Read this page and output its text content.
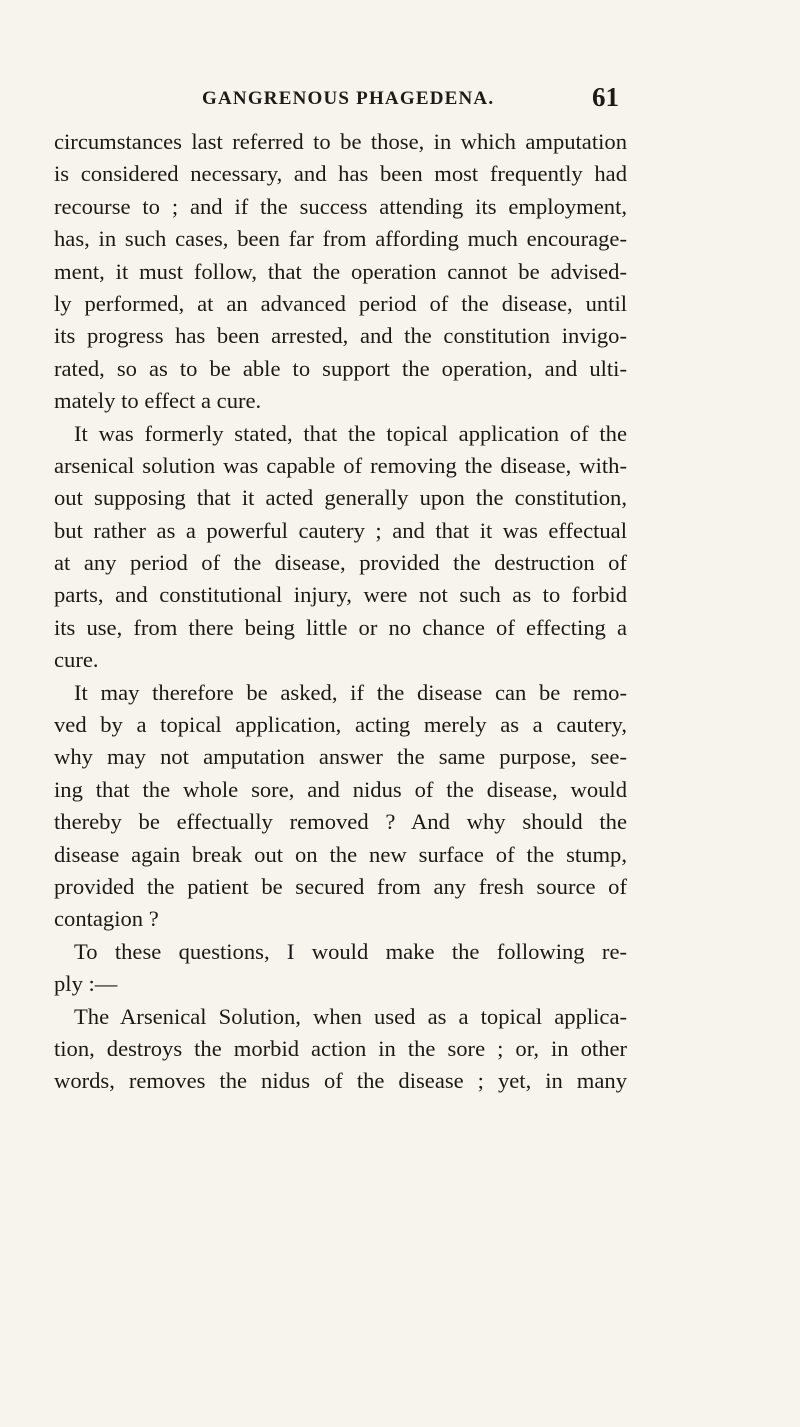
GANGRENOUS PHAGEDENA.	61
circumstances last referred to be those, in which amputation
is considered necessary, and has been most frequently had
recourse to ; and if the success attending its employment,
has, in such cases, been far from affording much encourage-
ment, it must follow, that the operation cannot be advised-
ly performed, at an advanced period of the disease, until
its progress has been arrested, and the constitution invigo-
rated, so as to be able to support the operation, and ulti-
mately to effect a cure.
It was formerly stated, that the topical application of the
arsenical solution was capable of removing the disease, with-
out supposing that it acted generally upon the constitution,
but rather as a powerful cautery ; and that it was effectual
at any period of the disease, provided the destruction of
parts, and constitutional injury, were not such as to forbid
its use, from there being little or no chance of effecting a
cure.
It may therefore be asked, if the disease can be remo-
ved by a topical application, acting merely as a cautery,
why may not amputation answer the same purpose, see-
ing that the whole sore, and nidus of the disease, would
thereby be effectually removed ? And why should the
disease again break out on the new surface of the stump,
provided the patient be secured from any fresh source of
contagion ?
To these questions, I would make the following re-
ply :—
The Arsenical Solution, when used as a topical applica-
tion, destroys the morbid action in the sore ; or, in other
words, removes the nidus of the disease ; yet, in many
